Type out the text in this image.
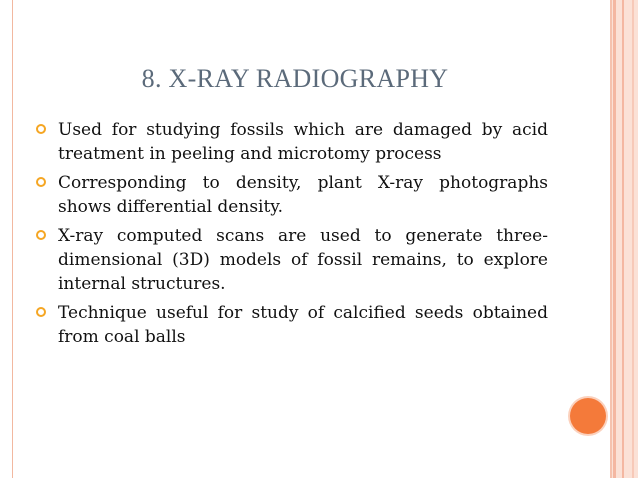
8. X-RAY RADIOGRAPHY
Used for studying fossils which are damaged by acid treatment in peeling and microtomy process
Corresponding to density, plant X-ray photographs shows differential density.
X-ray computed scans are used to generate three-dimensional (3D) models of fossil remains, to explore internal structures.
Technique useful for study of calcified seeds obtained from coal balls
